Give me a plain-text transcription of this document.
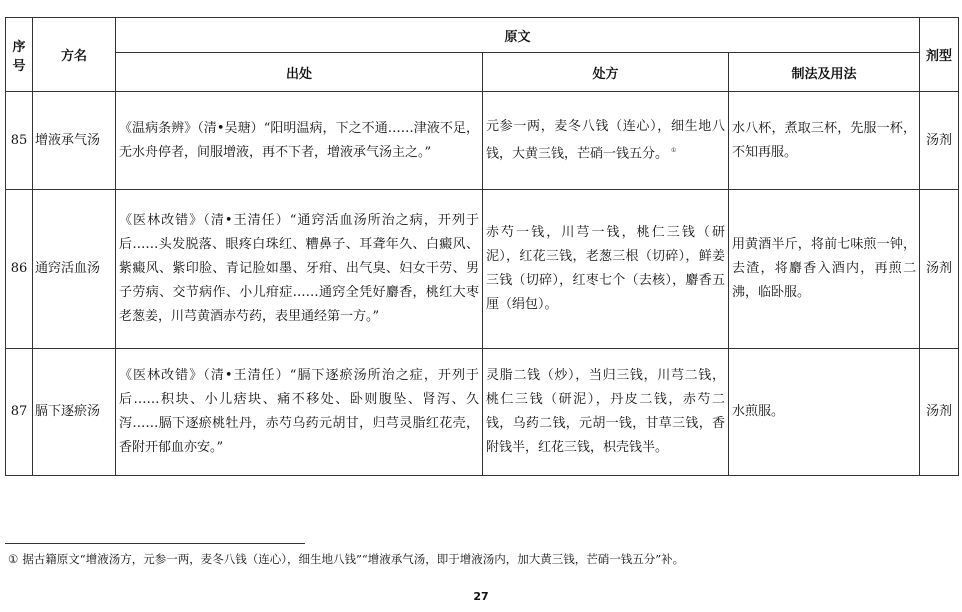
序号	方名	原文			剂型
		出处	处方	制法及用法	
85	增液承气汤	《温病条辨》（清•吴瑭）“阳明温病，下之不通……津液不足，无水舟停者，间服增液，再不下者，增液承气汤主之。”	元参一两，麦冬八钱（连心），细生地八钱，大黄三钱，芒硝一钱五分。 ①	水八杯，煮取三杯，先服一杯，不知再服。	汤剂
86	通窍活血汤	《医林改错》（清•王清任）“通窍活血汤所治之病，开列于后……头发脱落、眼疼白珠红、糟鼻子、耳聋年久、白癜风、紫癜风、紫印脸、青记脸如墨、牙疳、出气臭、妇女干劳、男子劳病、交节病作、小儿疳症……通窍全凭好麝香，桃红大枣老葱姜，川芎黄酒赤芍药，表里通经第一方。”	赤芍一钱，川芎一钱，桃仁三钱（研泥），红花三钱，老葱三根（切碎），鲜姜三钱（切碎），红枣七个（去核），麝香五厘（绢包）。	用黄酒半斤，将前七味煎一钟，去渣，将麝香入酒内，再煎二沸，临卧服。	汤剂
87	膈下逐瘀汤	《医林改错》（清•王清任）“膈下逐瘀汤所治之症，开列于后……积块、小儿痞块、痛不移处、卧则腹坠、肾泻、久泻……膈下逐瘀桃牡丹，赤芍乌药元胡甘，归芎灵脂红花壳，香附开郁血亦安。”	灵脂二钱（炒），当归三钱，川芎二钱，桃仁三钱（研泥），丹皮二钱，赤芍二钱，乌药二钱，元胡一钱，甘草三钱，香附钱半，红花三钱，枳壳钱半。	水煎服。	汤剂
① 据古籍原文“增液汤方，元参一两，麦冬八钱（连心），细生地八钱”“增液承气汤，即于增液汤内，加大黄三钱，芒硝一钱五分”补。
27
